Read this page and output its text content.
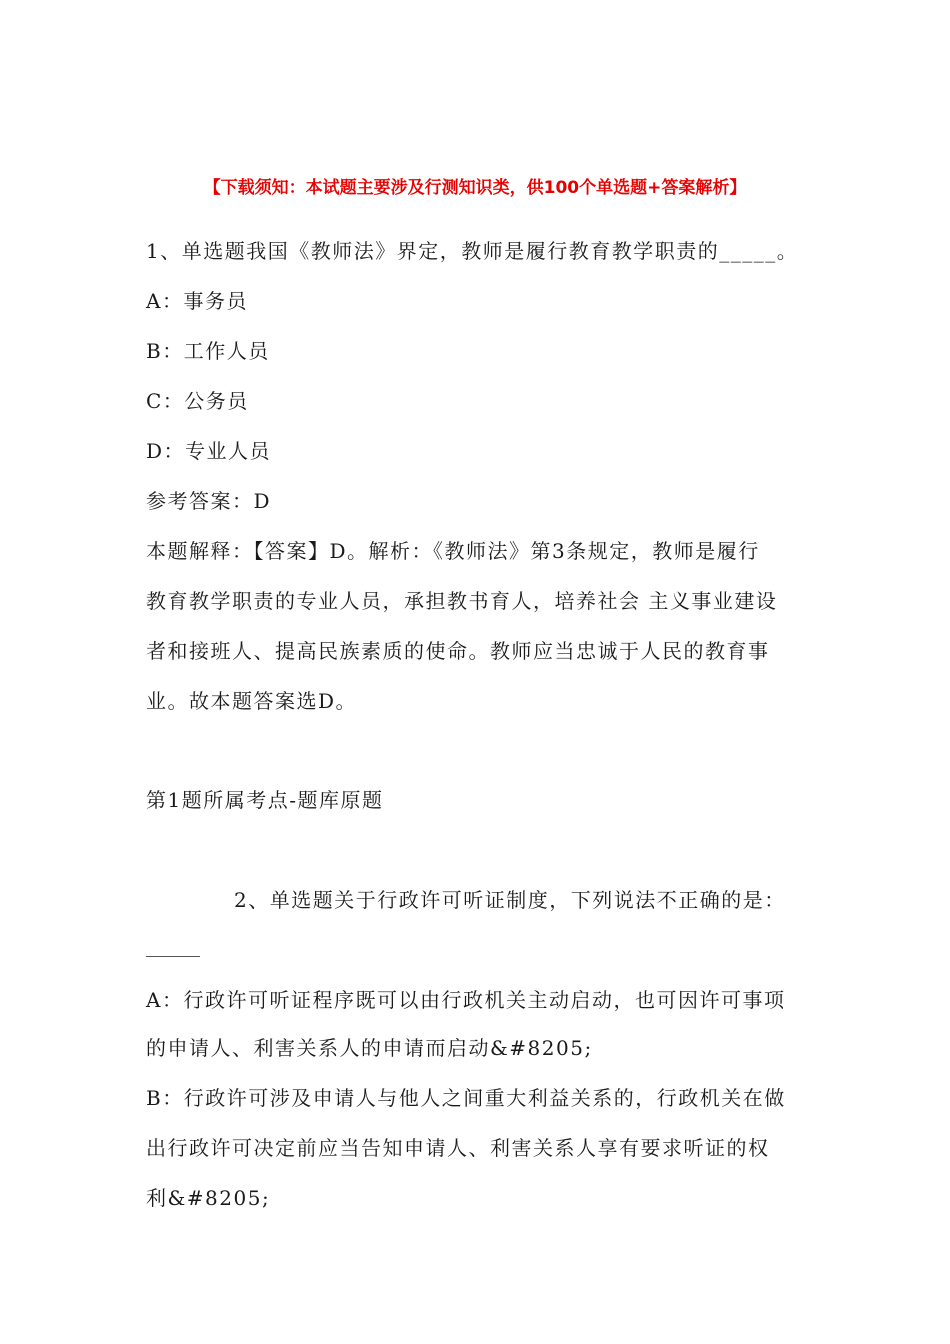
【下载须知：本试题主要涉及行测知识类，供100个单选题+答案解析】
1、单选题我国《教师法》界定，教师是履行教育教学职责的_____。
A：事务员
B：工作人员
C：公务员
D：专业人员
参考答案：D
本题解释：【答案】D。解析：《教师法》第3条规定，教师是履行
教育教学职责的专业人员，承担教书育人，培养社会 主义事业建设
者和接班人、提高民族素质的使命。教师应当忠诚于人民的教育事
业。故本题答案选D。
第1题所属考点-题库原题
2、单选题关于行政许可听证制度，下列说法不正确的是：
A：行政许可听证程序既可以由行政机关主动启动，也可因许可事项
的申请人、利害关系人的申请而启动&#8205;
B：行政许可涉及申请人与他人之间重大利益关系的，行政机关在做
出行政许可决定前应当告知申请人、利害关系人享有要求听证的权
利&#8205;
